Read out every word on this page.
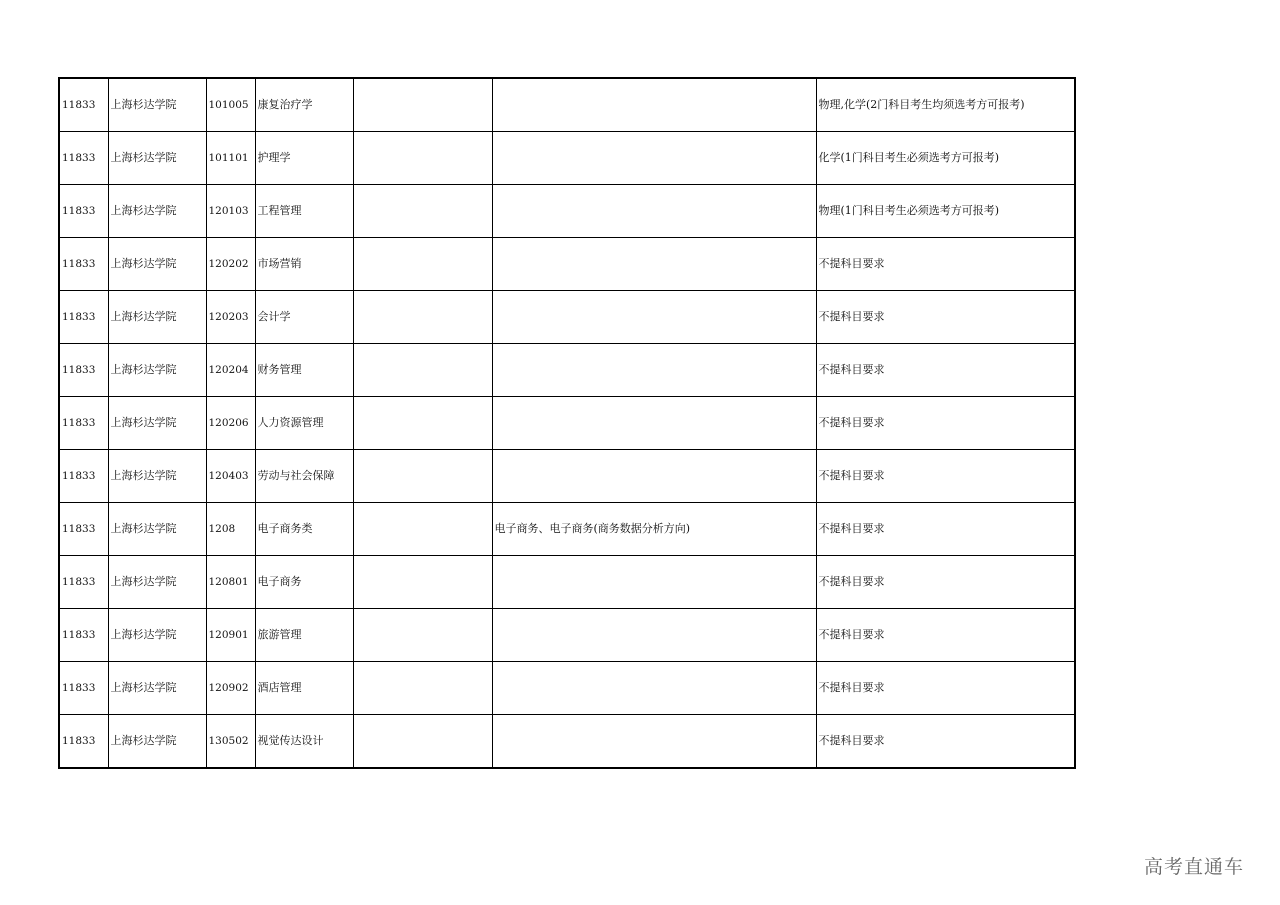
11833	上海杉达学院	101005	康复治疗学			物理,化学(2门科目考生均须选考方可报考)
11833	上海杉达学院	101101	护理学			化学(1门科目考生必须选考方可报考)
11833	上海杉达学院	120103	工程管理			物理(1门科目考生必须选考方可报考)
11833	上海杉达学院	120202	市场营销			不提科目要求
11833	上海杉达学院	120203	会计学			不提科目要求
11833	上海杉达学院	120204	财务管理			不提科目要求
11833	上海杉达学院	120206	人力资源管理			不提科目要求
11833	上海杉达学院	120403	劳动与社会保障			不提科目要求
11833	上海杉达学院	1208	电子商务类		电子商务、电子商务(商务数据分析方向)	不提科目要求
11833	上海杉达学院	120801	电子商务			不提科目要求
11833	上海杉达学院	120901	旅游管理			不提科目要求
11833	上海杉达学院	120902	酒店管理			不提科目要求
11833	上海杉达学院	130502	视觉传达设计			不提科目要求
高考直通车
